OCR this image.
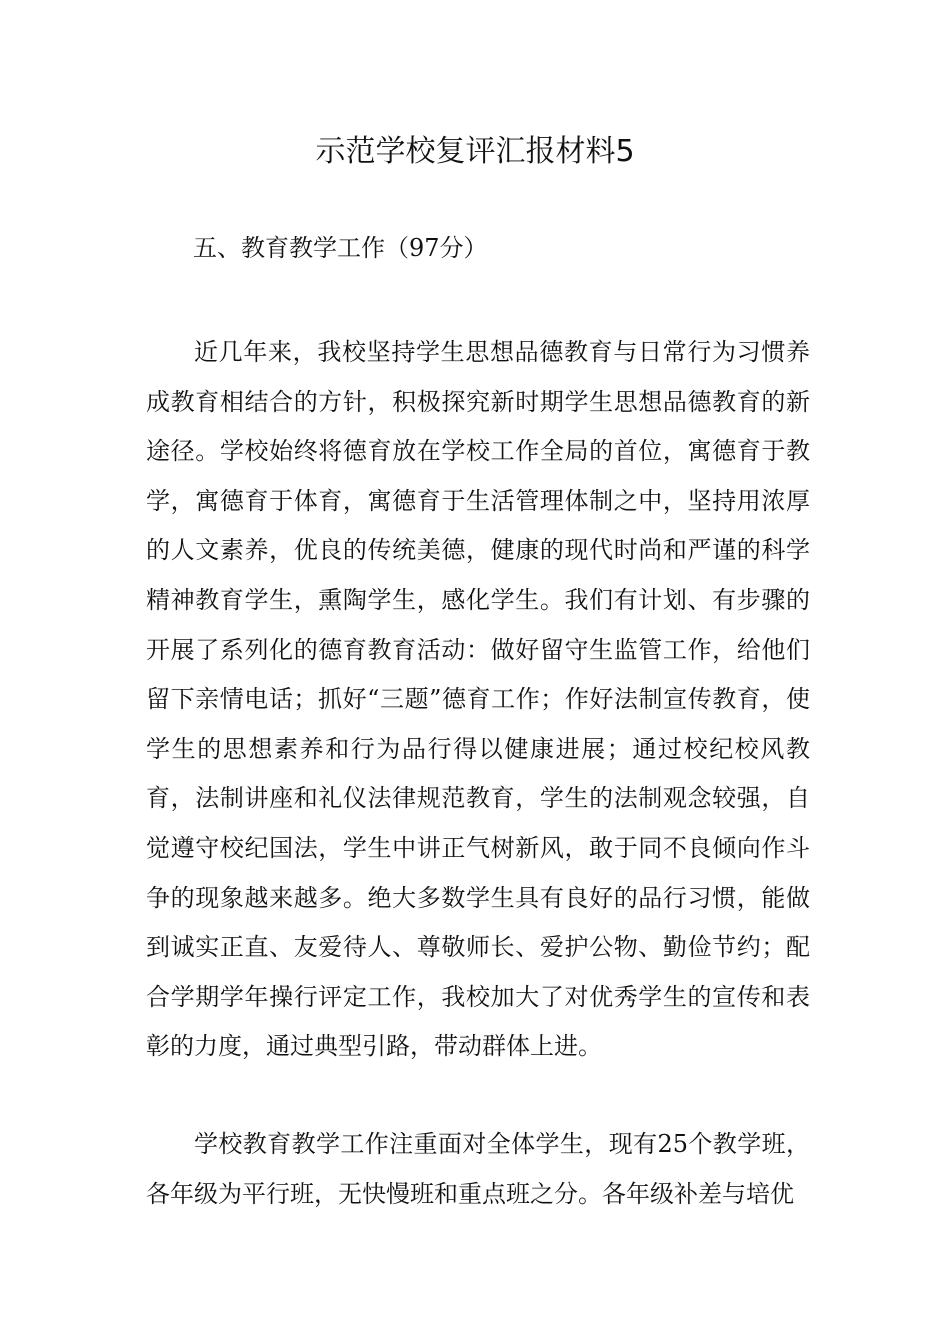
示范学校复评汇报材料5
五、教育教学工作（97分）

近几年来，我校坚持学生思想品德教育与日常行为习惯养成教育相结合的方针，积极探究新时期学生思想品德教育的新途径。学校始终将德育放在学校工作全局的首位，寓德育于教学，寓德育于体育，寓德育于生活管理体制之中，坚持用浓厚的人文素养，优良的传统美德，健康的现代时尚和严谨的科学精神教育学生，熏陶学生，感化学生。我们有计划、有步骤的开展了系列化的德育教育活动：做好留守生监管工作，给他们留下亲情电话；抓好“三题”德育工作；作好法制宣传教育，使学生的思想素养和行为品行得以健康进展；通过校纪校风教育，法制讲座和礼仪法律规范教育，学生的法制观念较强，自觉遵守校纪国法，学生中讲正气树新风，敢于同不良倾向作斗争的现象越来越多。绝大多数学生具有良好的品行习惯，能做到诚实正直、友爱待人、尊敬师长、爱护公物、勤俭节约；配合学期学年操行评定工作，我校加大了对优秀学生的宣传和表彰的力度，通过典型引路，带动群体上进。

学校教育教学工作注重面对全体学生，现有25个教学班，各年级为平行班，无快慢班和重点班之分。各年级补差与培优
